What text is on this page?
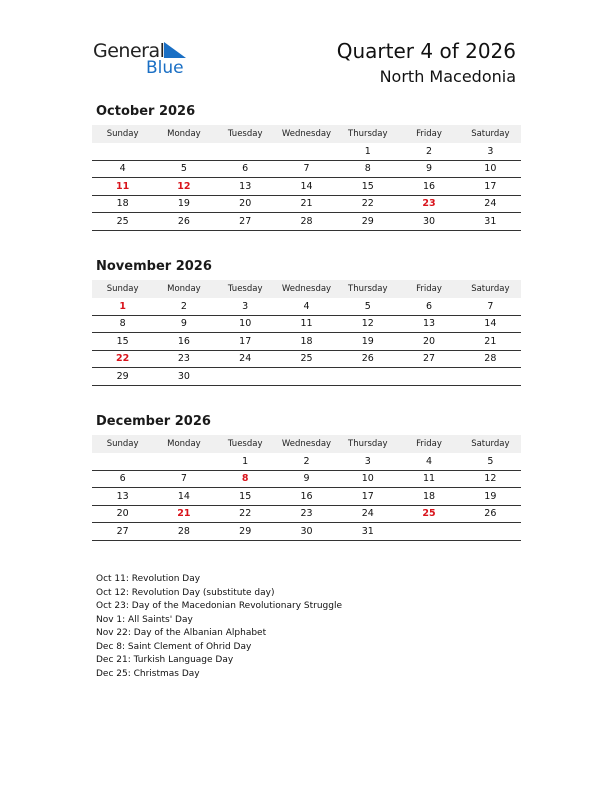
General
Blue
Quarter 4 of 2026
North Macedonia
October 2026
Sunday	Monday	Tuesday	Wednesday	Thursday	Friday	Saturday
				1	2	3
4	5	6	7	8	9	10
11	12	13	14	15	16	17
18	19	20	21	22	23	24
25	26	27	28	29	30	31
November 2026
Sunday	Monday	Tuesday	Wednesday	Thursday	Friday	Saturday
1	2	3	4	5	6	7
8	9	10	11	12	13	14
15	16	17	18	19	20	21
22	23	24	25	26	27	28
29	30					
December 2026
Sunday	Monday	Tuesday	Wednesday	Thursday	Friday	Saturday
		1	2	3	4	5
6	7	8	9	10	11	12
13	14	15	16	17	18	19
20	21	22	23	24	25	26
27	28	29	30	31		
Oct 11: Revolution Day
Oct 12: Revolution Day (substitute day)
Oct 23: Day of the Macedonian Revolutionary Struggle
Nov 1: All Saints' Day
Nov 22: Day of the Albanian Alphabet
Dec 8: Saint Clement of Ohrid Day
Dec 21: Turkish Language Day
Dec 25: Christmas Day
